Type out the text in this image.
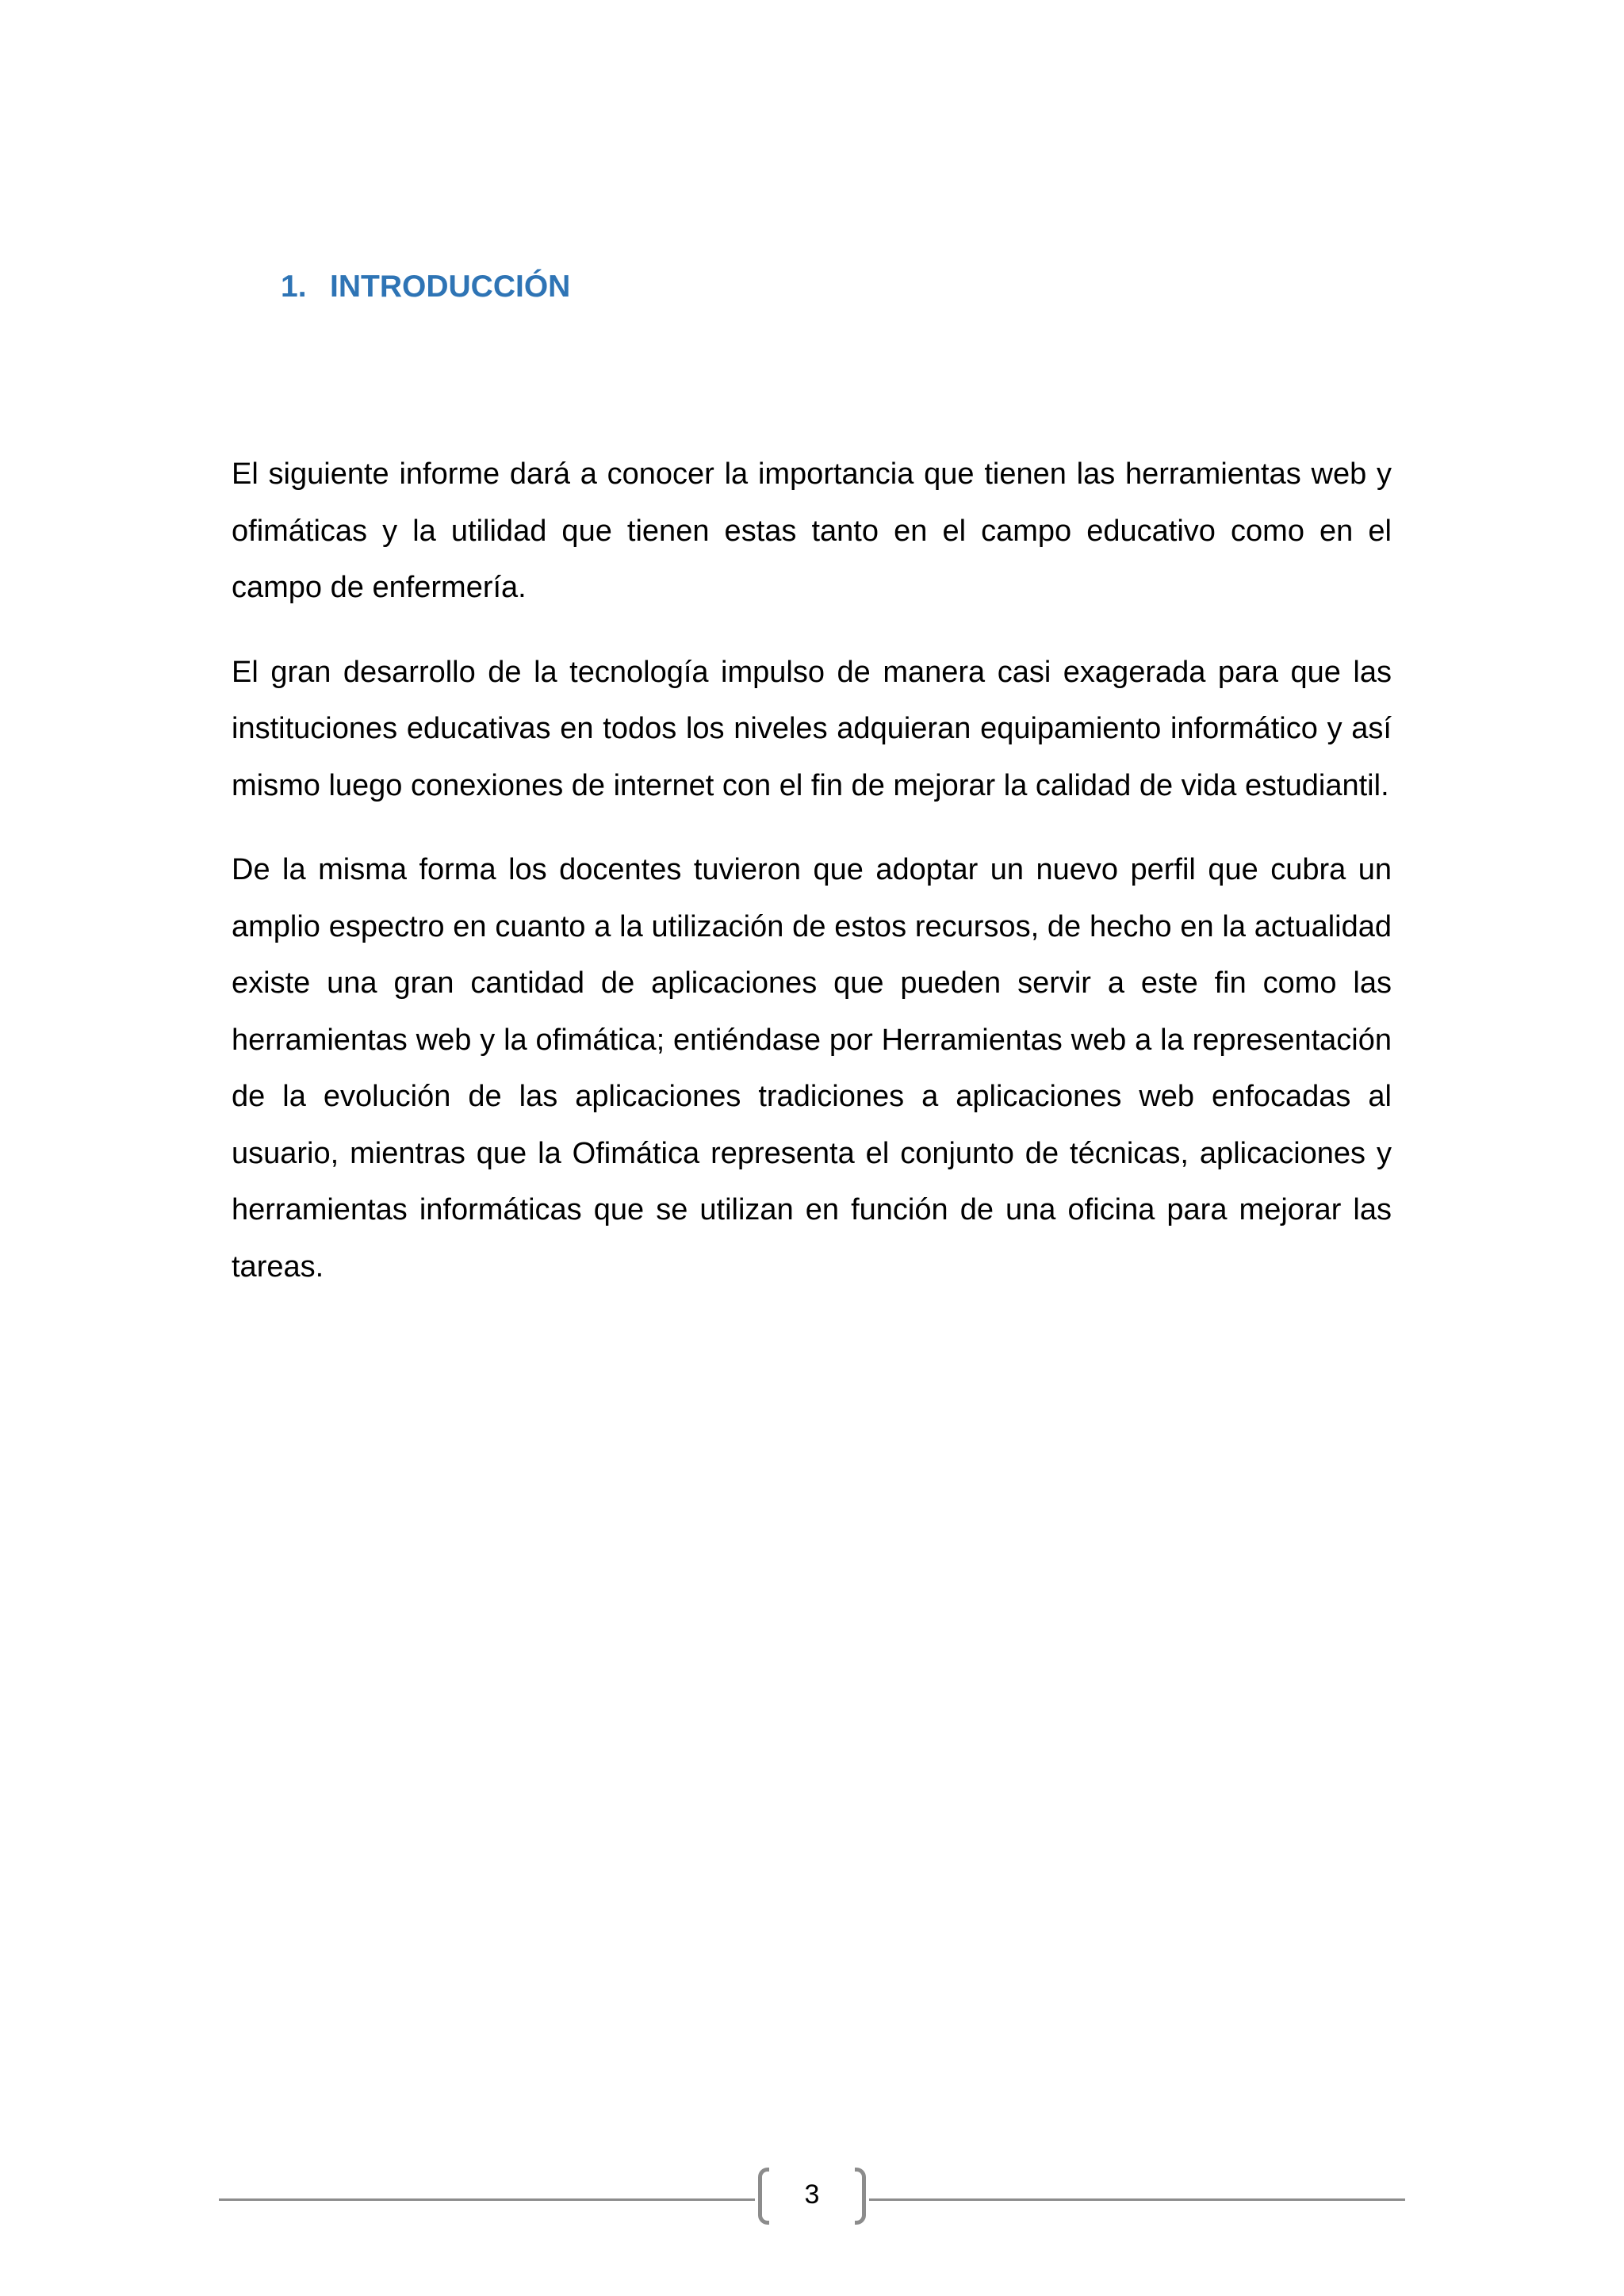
1. INTRODUCCIÓN

El siguiente informe dará a conocer la importancia que tienen las herramientas web y ofimáticas y la utilidad que tienen estas tanto en el campo educativo como en el campo de enfermería.

El gran desarrollo de la tecnología impulso de manera casi exagerada para que las instituciones educativas en todos los niveles adquieran equipamiento informático y así mismo luego conexiones de internet con el fin de mejorar la calidad de vida estudiantil.

De la misma forma los docentes tuvieron que adoptar un nuevo perfil que cubra un amplio espectro en cuanto a la utilización de estos recursos, de hecho en la actualidad existe una gran cantidad de aplicaciones que pueden servir a este fin como las herramientas web y la ofimática; entiéndase por Herramientas web a la representación de la evolución de las aplicaciones tradiciones a aplicaciones web enfocadas al usuario, mientras que la Ofimática representa el conjunto de técnicas, aplicaciones y herramientas informáticas que se utilizan en función de una oficina para mejorar las tareas.

3
